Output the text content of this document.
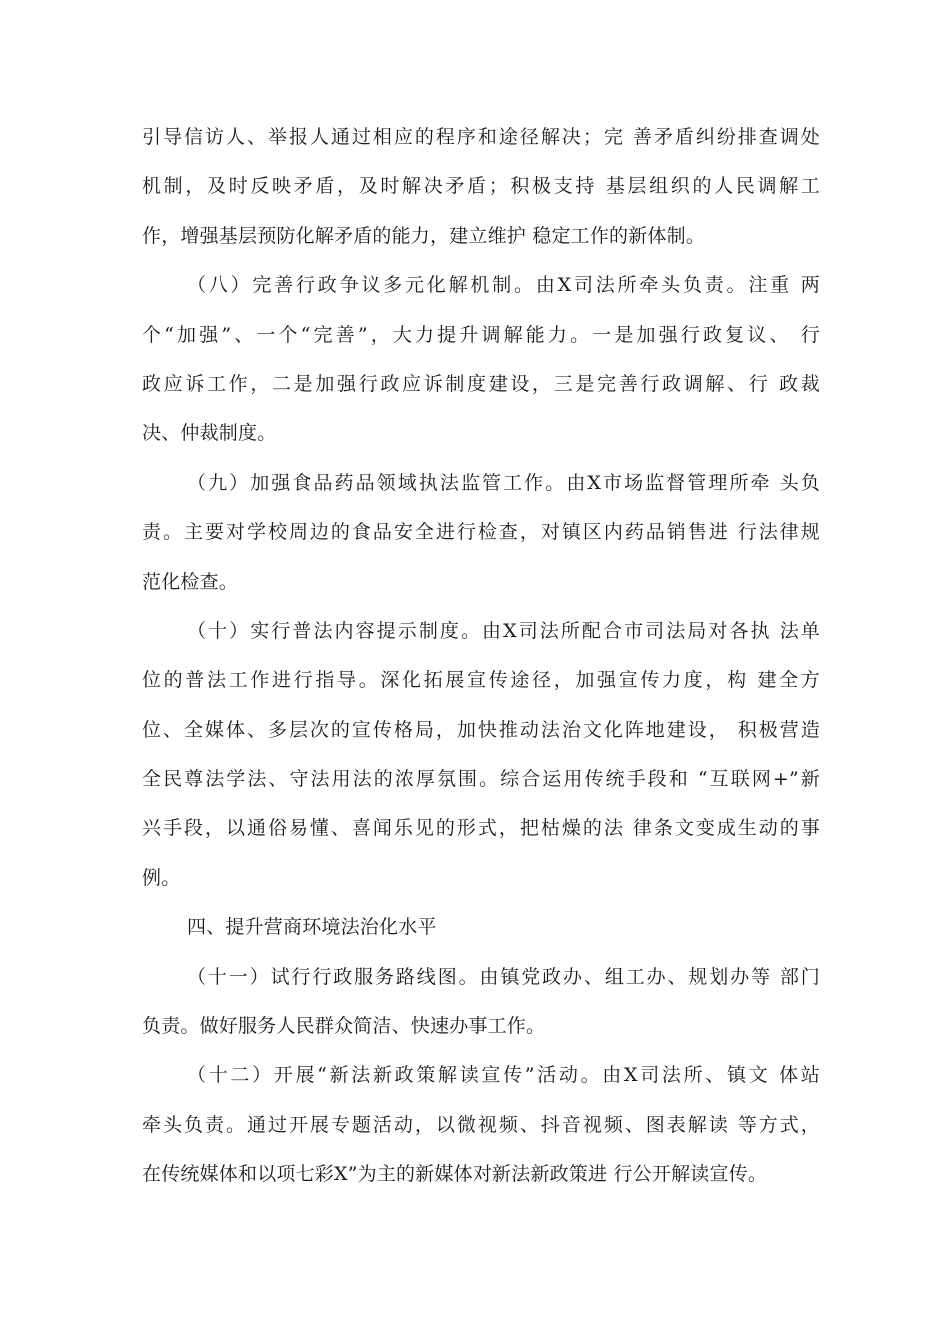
引导信访人、举报人通过相应的程序和途径解决；完 善矛盾纠纷排查调处
机制，及时反映矛盾，及时解决矛盾；积极支持 基层组织的人民调解工
作，增强基层预防化解矛盾的能力，建立维护 稳定工作的新体制。
（八）完善行政争议多元化解机制。由X司法所牵头负责。注重 两
个“加强”、一个“完善”，大力提升调解能力。一是加强行政复议、 行
政应诉工作，二是加强行政应诉制度建设，三是完善行政调解、行 政裁
决、仲裁制度。
（九）加强食品药品领域执法监管工作。由X市场监督管理所牵 头负
责。主要对学校周边的食品安全进行检查，对镇区内药品销售进 行法律规
范化检查。
（十）实行普法内容提示制度。由X司法所配合市司法局对各执 法单
位的普法工作进行指导。深化拓展宣传途径，加强宣传力度，构 建全方
位、全媒体、多层次的宣传格局，加快推动法治文化阵地建设， 积极营造
全民尊法学法、守法用法的浓厚氛围。综合运用传统手段和 “互联网+”新
兴手段，以通俗易懂、喜闻乐见的形式，把枯燥的法 律条文变成生动的事
例。
四、提升营商环境法治化水平
（十一）试行行政服务路线图。由镇党政办、组工办、规划办等 部门
负责。做好服务人民群众简洁、快速办事工作。
（十二）开展“新法新政策解读宣传”活动。由X司法所、镇文 体站
牵头负责。通过开展专题活动，以微视频、抖音视频、图表解读 等方式，
在传统媒体和以项七彩X”为主的新媒体对新法新政策进 行公开解读宣传。
